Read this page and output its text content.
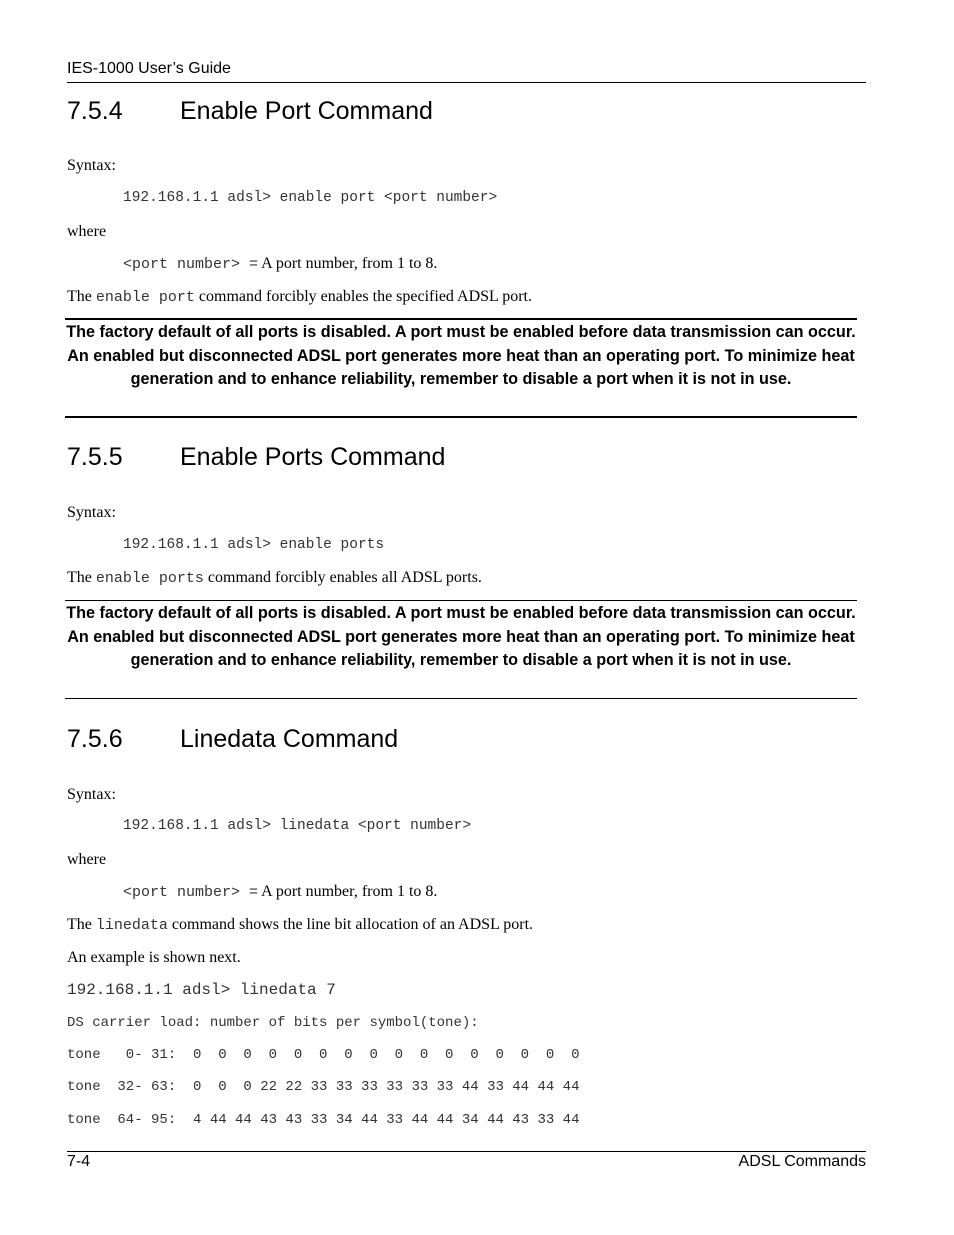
IES-1000 User’s Guide
7.5.4 Enable Port Command
Syntax:
192.168.1.1 adsl> enable port <port number>
where
<port number> = A port number, from 1 to 8.
The enable port command forcibly enables the specified ADSL port.
The factory default of all ports is disabled. A port must be enabled before data transmission can occur. An enabled but disconnected ADSL port generates more heat than an operating port. To minimize heat generation and to enhance reliability, remember to disable a port when it is not in use.
7.5.5 Enable Ports Command
Syntax:
192.168.1.1 adsl> enable ports
The enable ports command forcibly enables all ADSL ports.
The factory default of all ports is disabled. A port must be enabled before data transmission can occur. An enabled but disconnected ADSL port generates more heat than an operating port. To minimize heat generation and to enhance reliability, remember to disable a port when it is not in use.
7.5.6 Linedata Command
Syntax:
192.168.1.1 adsl> linedata <port number>
where
<port number> = A port number, from 1 to 8.
The linedata command shows the line bit allocation of an ADSL port.
An example is shown next.
192.168.1.1 adsl> linedata 7
DS carrier load: number of bits per symbol(tone):
tone   0- 31:  0  0  0  0  0  0  0  0  0  0  0  0  0  0  0  0
tone  32- 63:  0  0  0 22 22 33 33 33 33 33 33 44 33 44 44 44
tone  64- 95:  4 44 44 43 43 33 34 44 33 44 44 34 44 43 33 44
7-4	ADSL Commands
